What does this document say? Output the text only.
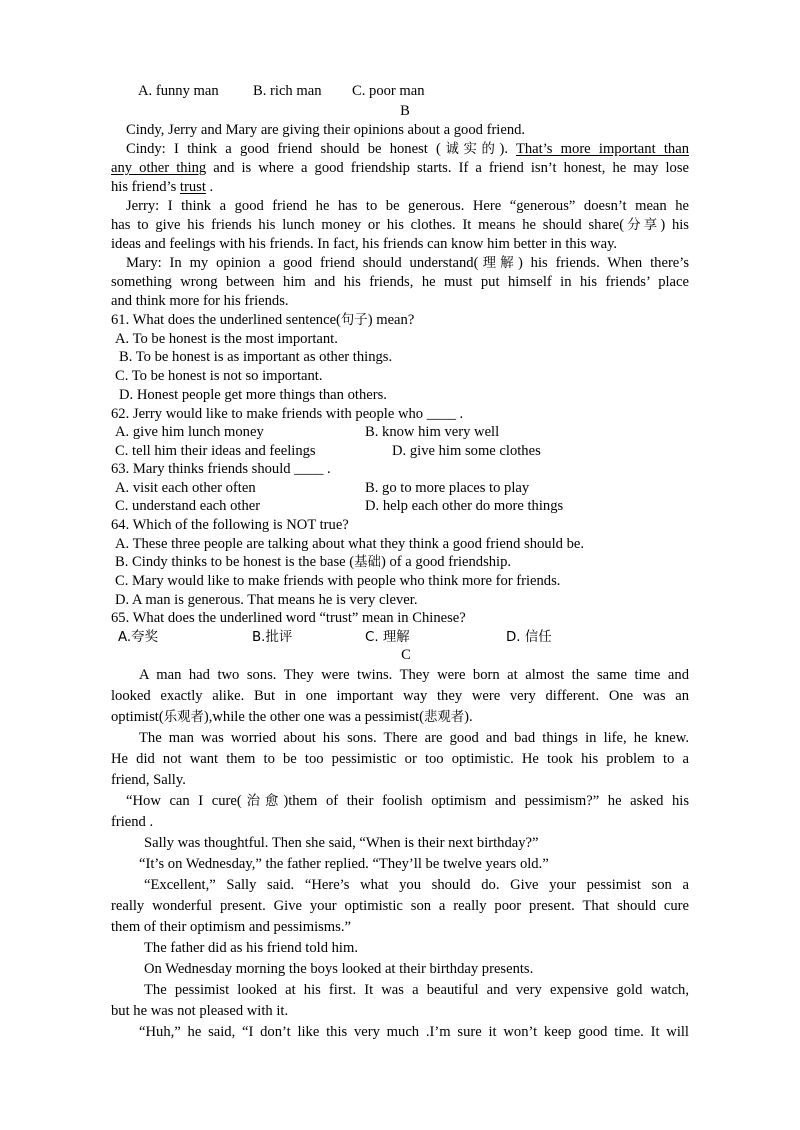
A. funny man B. rich man C. poor man
B
Cindy, Jerry and Mary are giving their opinions about a good friend.
Cindy: I think a good friend should be honest (诚实的). That’s more important than
any other thing and is where a good friendship starts. If a friend isn’t honest, he may lose
his friend’s trust .
Jerry: I think a good friend he has to be generous. Here “generous” doesn’t mean he
has to give his friends his lunch money or his clothes. It means he should share(分享) his
ideas and feelings with his friends. In fact, his friends can know him better in this way.
Mary: In my opinion a good friend should understand(理解) his friends. When there’s
something wrong between him and his friends, he must put himself in his friends’ place
and think more for his friends.
61. What does the underlined sentence(句子) mean?
A. To be honest is the most important.
B. To be honest is as important as other things.
C. To be honest is not so important.
D. Honest people get more things than others.
62. Jerry would like to make friends with people who ____ .
A. give him lunch money	B. know him very well
C. tell him their ideas and feelings	D. give him some clothes
63. Mary thinks friends should ____ .
A. visit each other often	B. go to more places to play
C. understand each other	D. help each other do more things
64. Which of the following is NOT true?
A. These three people are talking about what they think a good friend should be.
B. Cindy thinks to be honest is the base (基础) of a good friendship.
C. Mary would like to make friends with people who think more for friends.
D. A man is generous. That means he is very clever.
65. What does the underlined word “trust” mean in Chinese?
A.夸奖	B.批评	C. 理解	D. 信任
C
A man had two sons. They were twins. They were born at almost the same time and
looked exactly alike. But in one important way they were very different. One was an
optimist(乐观者),while the other one was a pessimist(悲观者).
The man was worried about his sons. There are good and bad things in life, he knew.
He did not want them to be too pessimistic or too optimistic. He took his problem to a
friend, Sally.
“How can I cure(治愈)them of their foolish optimism and pessimism?” he asked his
friend .
Sally was thoughtful. Then she said, “When is their next birthday?”
“It’s on Wednesday,” the father replied. “They’ll be twelve years old.”
“Excellent,” Sally said. “Here’s what you should do. Give your pessimist son a
really wonderful present. Give your optimistic son a really poor present. That should cure
them of their optimism and pessimisms.”
The father did as his friend told him.
On Wednesday morning the boys looked at their birthday presents.
The pessimist looked at his first. It was a beautiful and very expensive gold watch,
but he was not pleased with it.
“Huh,” he said, “I don’t like this very much .I’m sure it won’t keep good time. It will
